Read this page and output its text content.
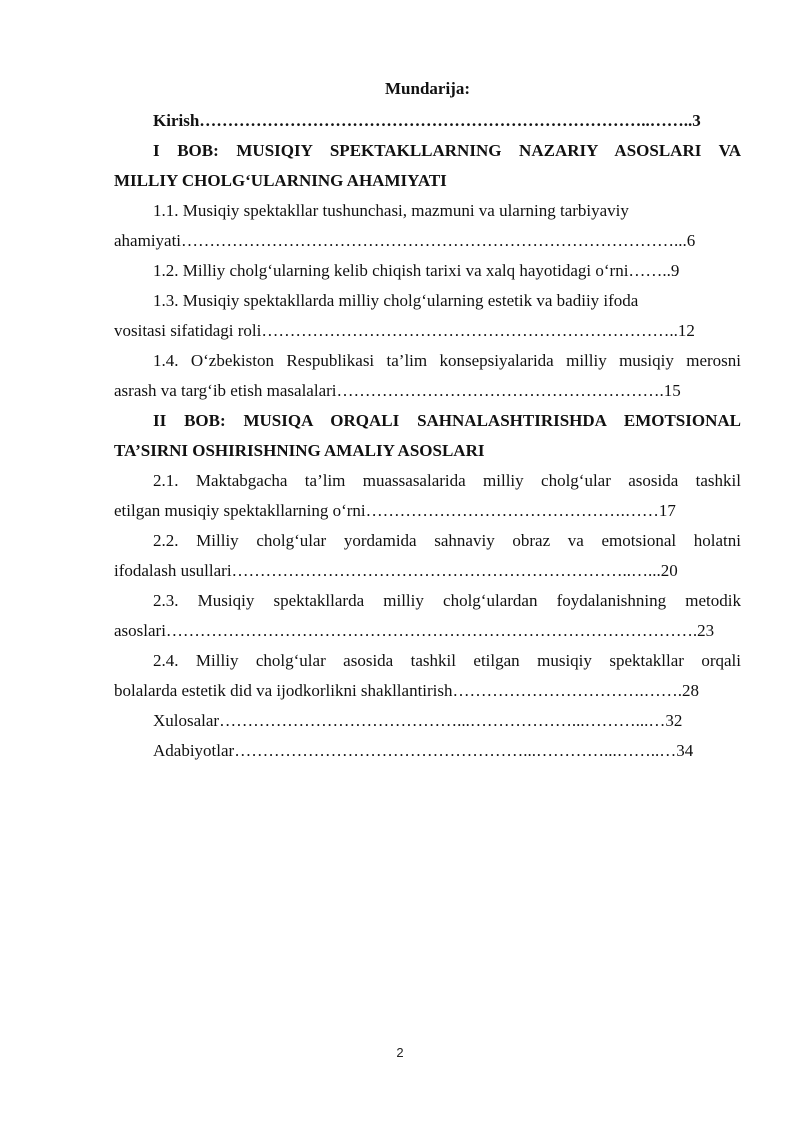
Mundarija:
Kirish……………………………………………………………………..……..3
I BOB: MUSIQIY SPEKTAKLLARNING NAZARIY ASOSLARI VA
MILLIY CHOLG‘ULARNING AHAMIYATI
1.1. Musiqiy spektakllar tushunchasi, mazmuni va ularning tarbiyaviy
ahamiyati……………………………………………………………………………...6
1.2. Milliy cholg‘ularning kelib chiqish tarixi va xalq hayotidagi o‘rni……..9
1.3. Musiqiy spektakllarda milliy cholg‘ularning estetik va badiiy ifoda
vositasi sifatidagi roli………………………………………………………………..12
1.4. O‘zbekiston Respublikasi ta’lim konsepsiyalarida milliy musiqiy merosni
asrash va targ‘ib etish masalalari………………………………………………….15
II BOB: MUSIQA ORQALI SAHNALASHTIRISHDA EMOTSIONAL
TA’SIRNI OSHIRISHNING AMALIY ASOSLARI
2.1. Maktabgacha ta’lim muassasalarida milliy cholg‘ular asosida tashkil
etilgan musiqiy spektakllarning o‘rni……………………………………….……17
2.2. Milliy cholg‘ular yordamida sahnaviy obraz va emotsional holatni
ifodalash usullari……………………………………………………………..…...20
2.3. Musiqiy spektakllarda milliy cholg‘ulardan foydalanishning metodik
asoslari………………………………………………………………………………….23
2.4. Milliy cholg‘ular asosida tashkil etilgan musiqiy spektakllar orqali
bolalarda estetik did va ijodkorlikni shakllantirish…………………………….…….28
Xulosalar……………………………………...………………...………...…32
Adabiyotlar……………………………………………...…………...……..…34
2
